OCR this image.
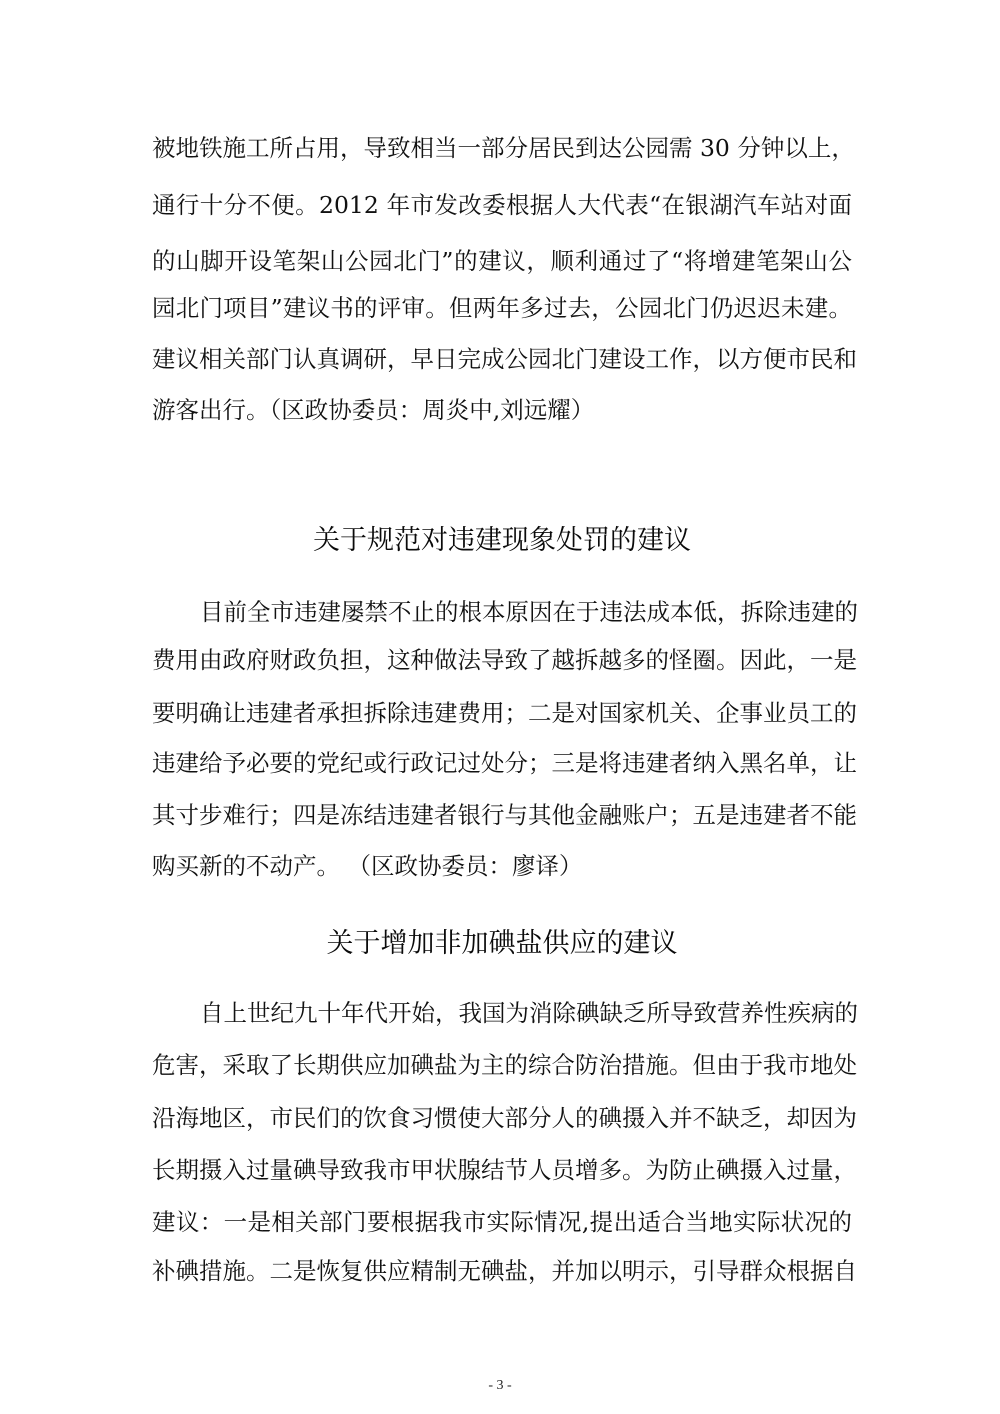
被地铁施工所占用，导致相当一部分居民到达公园需 30 分钟以上，
通行十分不便。2012 年市发改委根据人大代表“在银湖汽车站对面
的山脚开设笔架山公园北门”的建议，顺利通过了“将增建笔架山公
园北门项目”建议书的评审。但两年多过去，公园北门仍迟迟未建。
建议相关部门认真调研，早日完成公园北门建设工作，以方便市民和
游客出行。（区政协委员：周炎中,刘远耀）
关于规范对违建现象处罚的建议
目前全市违建屡禁不止的根本原因在于违法成本低，拆除违建的
费用由政府财政负担，这种做法导致了越拆越多的怪圈。因此，一是
要明确让违建者承担拆除违建费用；二是对国家机关、企事业员工的
违建给予必要的党纪或行政记过处分；三是将违建者纳入黑名单，让
其寸步难行；四是冻结违建者银行与其他金融账户；五是违建者不能
购买新的不动产。 （区政协委员：廖译）
关于增加非加碘盐供应的建议
自上世纪九十年代开始，我国为消除碘缺乏所导致营养性疾病的
危害，采取了长期供应加碘盐为主的综合防治措施。但由于我市地处
沿海地区，市民们的饮食习惯使大部分人的碘摄入并不缺乏，却因为
长期摄入过量碘导致我市甲状腺结节人员增多。为防止碘摄入过量，
建议：一是相关部门要根据我市实际情况,提出适合当地实际状况的
补碘措施。二是恢复供应精制无碘盐，并加以明示，引导群众根据自
- 3 -
